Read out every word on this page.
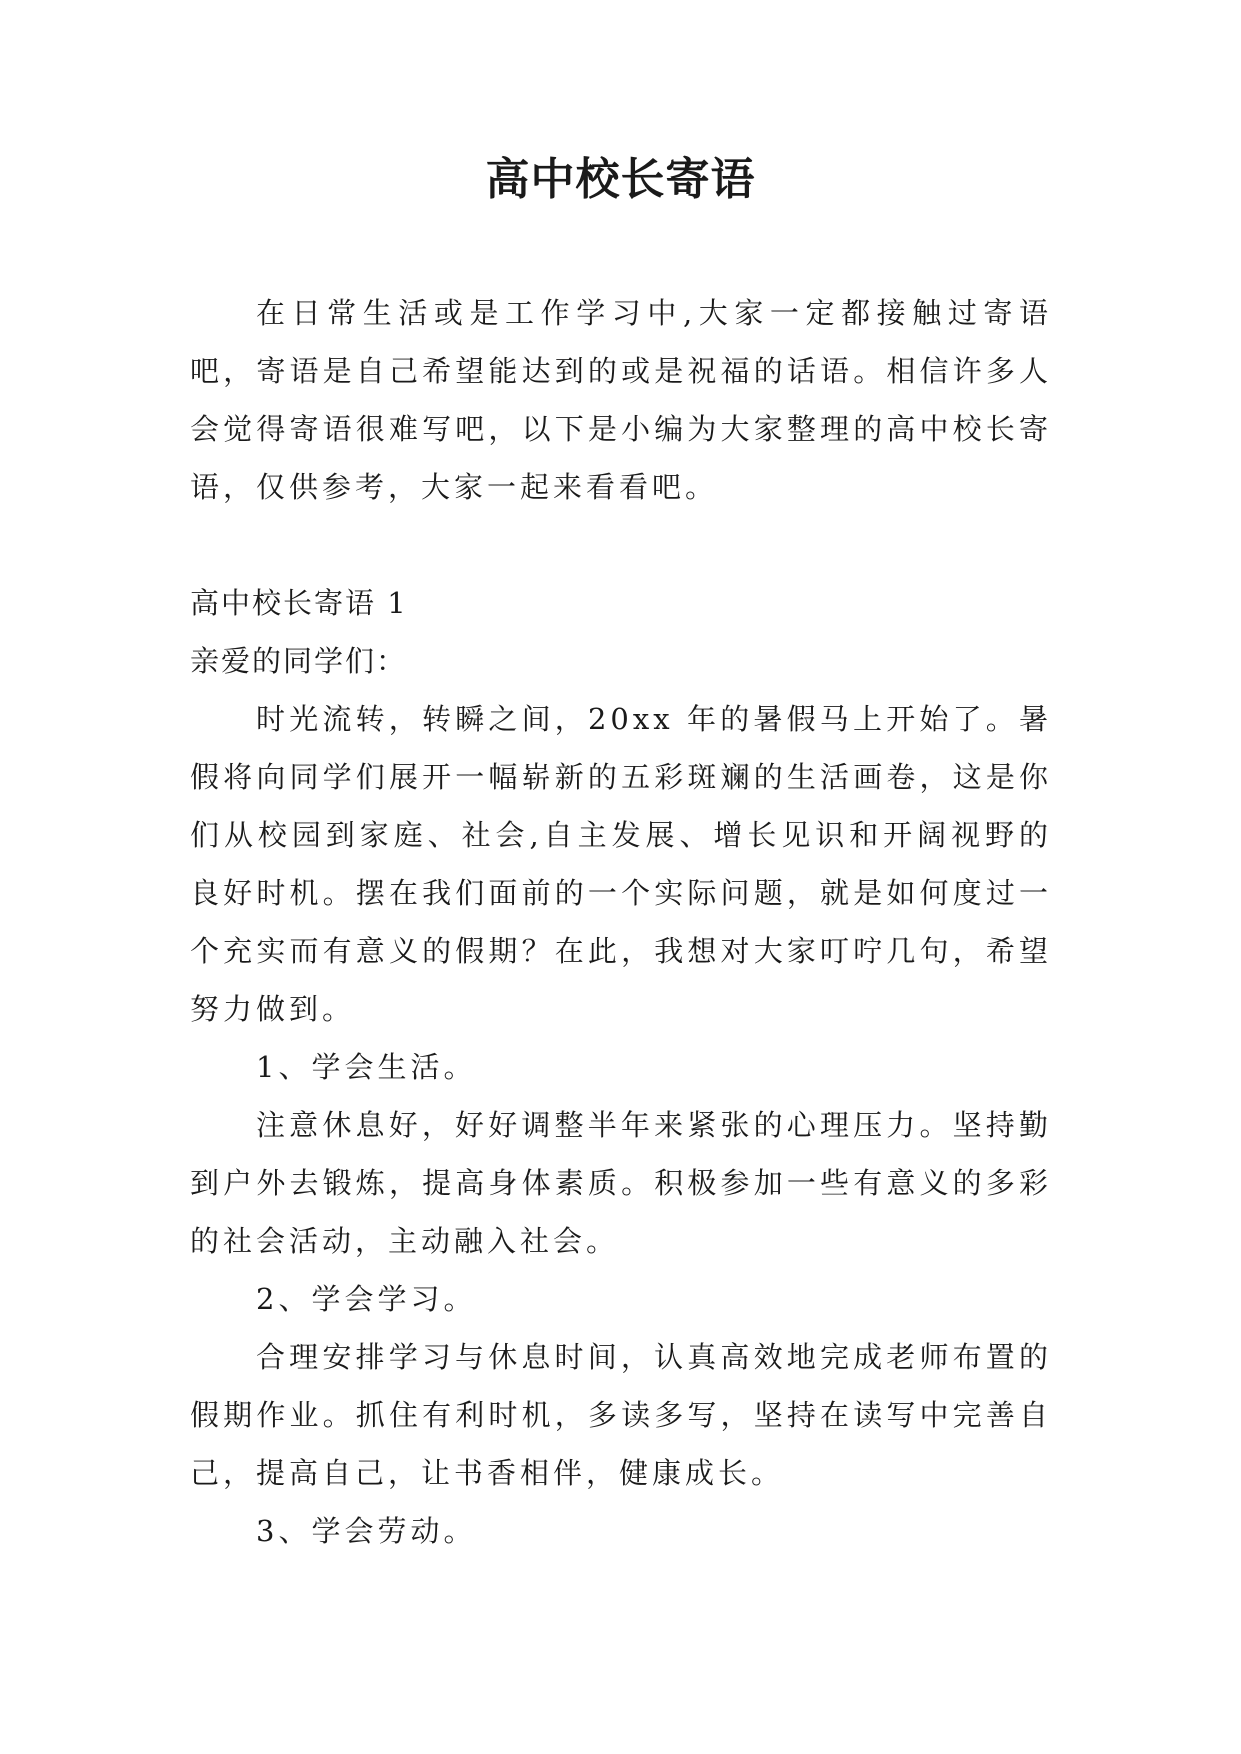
高中校长寄语

在日常生活或是工作学习中,大家一定都接触过寄语吧，寄语是自己希望能达到的或是祝福的话语。相信许多人会觉得寄语很难写吧，以下是小编为大家整理的高中校长寄语，仅供参考，大家一起来看看吧。

高中校长寄语 1

亲爱的同学们：

时光流转，转瞬之间，20xx 年的暑假马上开始了。暑假将向同学们展开一幅崭新的五彩斑斓的生活画卷，这是你们从校园到家庭、社会,自主发展、增长见识和开阔视野的良好时机。摆在我们面前的一个实际问题，就是如何度过一个充实而有意义的假期？在此，我想对大家叮咛几句，希望努力做到。

1、学会生活。

注意休息好，好好调整半年来紧张的心理压力。坚持勤到户外去锻炼，提高身体素质。积极参加一些有意义的多彩的社会活动，主动融入社会。

2、学会学习。

合理安排学习与休息时间，认真高效地完成老师布置的假期作业。抓住有利时机，多读多写，坚持在读写中完善自己，提高自己，让书香相伴，健康成长。

3、学会劳动。
